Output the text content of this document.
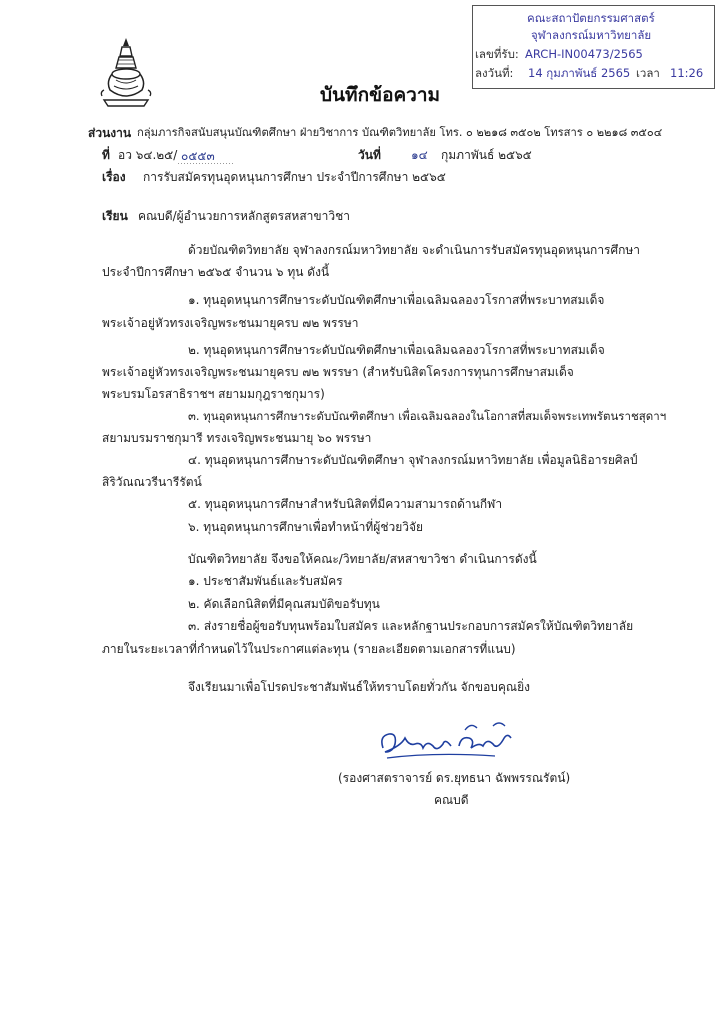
คณะสถาปัตยกรรมศาสตร์
จุฬาลงกรณ์มหาวิทยาลัย
เลขที่รับ: ARCH-IN00473/2565
ลงวันที่: 14 กุมภาพันธ์ 2565 เวลา 11:26
บันทึกข้อความ
ส่วนงาน กลุ่มภารกิจสนับสนุนบัณฑิตศึกษา ฝ่ายวิชาการ บัณฑิตวิทยาลัย โทร. ๐ ๒๒๑๘ ๓๕๐๒ โทรสาร ๐ ๒๒๑๘ ๓๕๐๔
ที่ อว ๖๔.๒๕/ ๐๕๕๓	วันที่	๑๔ กุมภาพันธ์ ๒๕๖๕
เรื่อง การรับสมัครทุนอุดหนุนการศึกษา ประจำปีการศึกษา ๒๕๖๕
เรียน คณบดี/ผู้อำนวยการหลักสูตรสหสาขาวิชา
ด้วยบัณฑิตวิทยาลัย จุฬาลงกรณ์มหาวิทยาลัย จะดำเนินการรับสมัครทุนอุดหนุนการศึกษา
ประจำปีการศึกษา ๒๕๖๕ จำนวน ๖ ทุน ดังนี้
๑. ทุนอุดหนุนการศึกษาระดับบัณฑิตศึกษาเพื่อเฉลิมฉลองวโรกาสที่พระบาทสมเด็จ
พระเจ้าอยู่หัวทรงเจริญพระชนมายุครบ ๗๒ พรรษา
๒. ทุนอุดหนุนการศึกษาระดับบัณฑิตศึกษาเพื่อเฉลิมฉลองวโรกาสที่พระบาทสมเด็จ
พระเจ้าอยู่หัวทรงเจริญพระชนมายุครบ ๗๒ พรรษา (สำหรับนิสิตโครงการทุนการศึกษาสมเด็จ
พระบรมโอรสาธิราชฯ สยามมกุฎราชกุมาร)
๓. ทุนอุดหนุนการศึกษาระดับบัณฑิตศึกษา เพื่อเฉลิมฉลองในโอกาสที่สมเด็จพระเทพรัตนราชสุดาฯ
สยามบรมราชกุมารี ทรงเจริญพระชนมายุ ๖๐ พรรษา
๔. ทุนอุดหนุนการศึกษาระดับบัณฑิตศึกษา จุฬาลงกรณ์มหาวิทยาลัย เพื่อมูลนิธิอารยศิลป์
สิริวัณณวรีนารีรัตน์
๕. ทุนอุดหนุนการศึกษาสำหรับนิสิตที่มีความสามารถด้านกีฬา
๖. ทุนอุดหนุนการศึกษาเพื่อทำหน้าที่ผู้ช่วยวิจัย
บัณฑิตวิทยาลัย จึงขอให้คณะ/วิทยาลัย/สหสาขาวิชา ดำเนินการดังนี้
๑. ประชาสัมพันธ์และรับสมัคร
๒. คัดเลือกนิสิตที่มีคุณสมบัติขอรับทุน
๓. ส่งรายชื่อผู้ขอรับทุนพร้อมใบสมัคร และหลักฐานประกอบการสมัครให้บัณฑิตวิทยาลัย
ภายในระยะเวลาที่กำหนดไว้ในประกาศแต่ละทุน (รายละเอียดตามเอกสารที่แนบ)
จึงเรียนมาเพื่อโปรดประชาสัมพันธ์ให้ทราบโดยทั่วกัน จักขอบคุณยิ่ง
(รองศาสตราจารย์ ดร.ยุทธนา ฉัพพรรณรัตน์)
คณบดี
